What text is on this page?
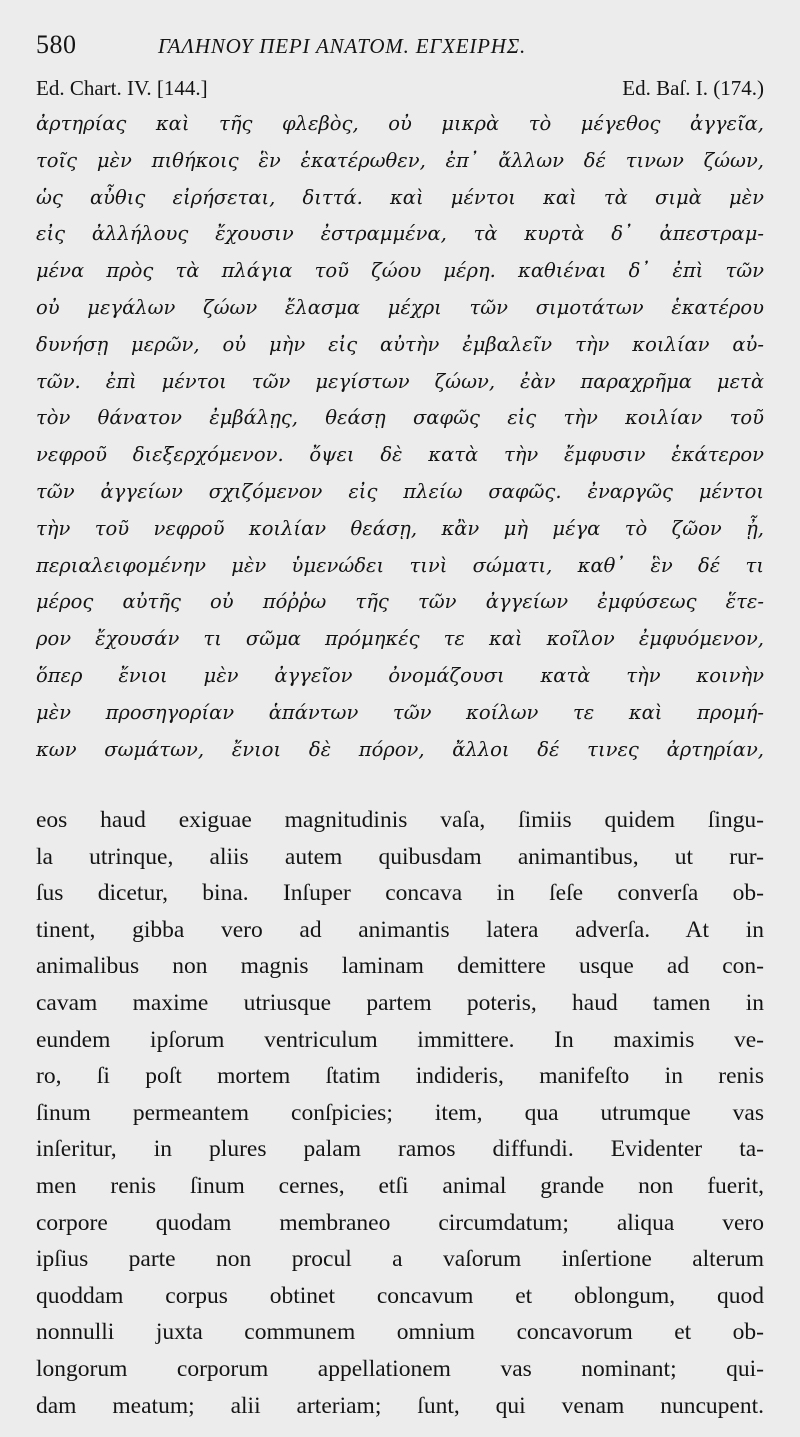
580	ΓΑΛΗΝΟΥ ΠΕΡΙ ΑΝΑΤΟΜ. ΕΓΧΕΙΡΗΣ.
Ed. Chart. IV. [144.]	Ed. Baſ. I. (174.)
ἀρτηρίας καὶ τῆς φλεβὸς, οὐ μικρὰ τὸ μέγεθος ἀγγεῖα,
τοῖς μὲν πιθήκοις ἓν ἑκατέρωθεν, ἐπ᾽ ἄλλων δέ τινων ζώων,
ὡς αὖθις εἰρήσεται, διττά. καὶ μέντοι καὶ τὰ σιμὰ μὲν
εἰς ἀλλήλους ἔχουσιν ἐστραμμένα, τὰ κυρτὰ δ᾽ ἀπεστραμ-
μένα πρὸς τὰ πλάγια τοῦ ζώου μέρη. καθιέναι δ᾽ ἐπὶ τῶν
οὐ μεγάλων ζώων ἔλασμα μέχρι τῶν σιμοτάτων ἑκατέρου
δυνήσῃ μερῶν, οὐ μὴν εἰς αὐτὴν ἐμβαλεῖν τὴν κοιλίαν αὐ-
τῶν. ἐπὶ μέντοι τῶν μεγίστων ζώων, ἐὰν παραχρῆμα μετὰ
τὸν θάνατον ἐμβάλῃς, θεάσῃ σαφῶς εἰς τὴν κοιλίαν τοῦ
νεφροῦ διεξερχόμενον. ὄψει δὲ κατὰ τὴν ἔμφυσιν ἑκάτερον
τῶν ἀγγείων σχιζόμενον εἰς πλείω σαφῶς. ἐναργῶς μέντοι
τὴν τοῦ νεφροῦ κοιλίαν θεάσῃ, κἂν μὴ μέγα τὸ ζῶον ᾖ,
περιαλειφομένην μὲν ὑμενώδει τινὶ σώματι, καθ᾽ ἓν δέ τι
μέρος αὐτῆς οὐ πόῤῥω τῆς τῶν ἀγγείων ἐμφύσεως ἕτε-
ρον ἔχουσάν τι σῶμα πρόμηκές τε καὶ κοῖλον ἐμφυόμενον,
ὅπερ ἔνιοι μὲν ἀγγεῖον ὀνομάζουσι κατὰ τὴν κοινὴν
μὲν προσηγορίαν ἁπάντων τῶν κοίλων τε καὶ προμή-
κων σωμάτων, ἔνιοι δὲ πόρον, ἄλλοι δέ τινες ἀρτηρίαν,
eos haud exiguae magnitudinis vaſa, ſimiis quidem ſingu-
la utrinque, aliis autem quibusdam animantibus, ut rur-
ſus dicetur, bina. Inſuper concava in ſeſe converſa ob-
tinent, gibba vero ad animantis latera adverſa. At in
animalibus non magnis laminam demittere usque ad con-
cavam maxime utriusque partem poteris, haud tamen in
eundem ipſorum ventriculum immittere. In maximis ve-
ro, ſi poſt mortem ſtatim indideris, manifeſto in renis
ſinum permeantem conſpicies; item, qua utrumque vas
inſeritur, in plures palam ramos diffundi. Evidenter ta-
men renis ſinum cernes, etſi animal grande non fuerit,
corpore quodam membraneo circumdatum; aliqua vero
ipſius parte non procul a vaſorum inſertione alterum
quoddam corpus obtinet concavum et oblongum, quod
nonnulli juxta communem omnium concavorum et ob-
longorum corporum appellationem vas nominant; qui-
dam meatum; alii arteriam; ſunt, qui venam nuncupent.
